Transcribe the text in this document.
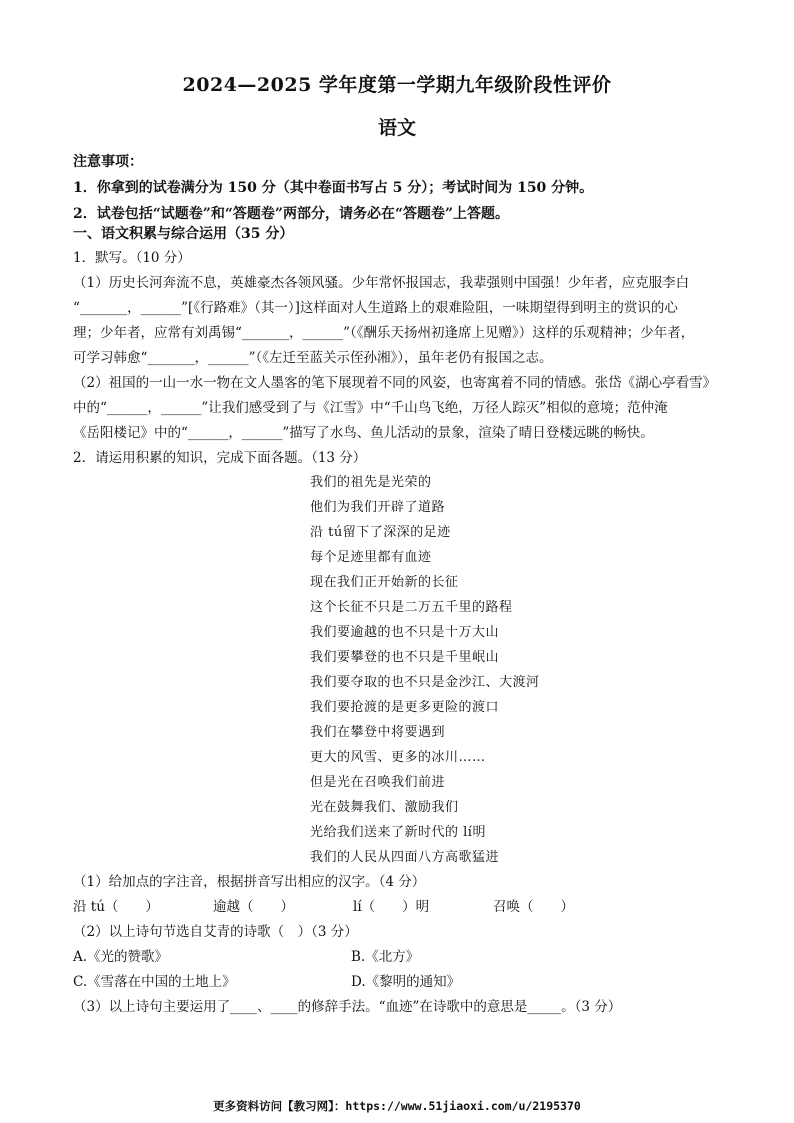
2024—2025 学年度第一学期九年级阶段性评价
语文
注意事项：
1．你拿到的试卷满分为 150 分（其中卷面书写占 5 分）；考试时间为 150 分钟。
2．试卷包括“试题卷”和“答题卷”两部分，请务必在“答题卷”上答题。
一、语文积累与综合运用（35 分）
1．默写。（10 分）
（1）历史长河奔流不息，英雄豪杰各领风骚。少年常怀报国志，我辈强则中国强！少年者，应克服李白
“_______，______”[《行路难》（其一）]这样面对人生道路上的艰难险阻，一味期望得到明主的赏识的心
理；少年者，应常有刘禹锡“_______，______”（《酬乐天扬州初逢席上见赠》）这样的乐观精神；少年者，
可学习韩愈“_______，______”（《左迁至蓝关示侄孙湘》），虽年老仍有报国之志。
（2）祖国的一山一水一物在文人墨客的笔下展现着不同的风姿，也寄寓着不同的情感。张岱《湖心亭看雪》
中的“______，______”让我们感受到了与《江雪》中“千山鸟飞绝，万径人踪灭”相似的意境；范仲淹
《岳阳楼记》中的“______，______”描写了水鸟、鱼儿活动的景象，渲染了晴日登楼远眺的畅快。
2．请运用积累的知识，完成下面各题。（13 分）
我们的祖先是光荣的
他们为我们开辟了道路
沿 tú留下了深深的足迹
每个足迹里都有血迹
现在我们正开始新的长征
这个长征不只是二万五千里的路程
我们要逾越的也不只是十万大山
我们要攀登的也不只是千里岷山
我们要夺取的也不只是金沙江、大渡河
我们要抢渡的是更多更险的渡口
我们在攀登中将要遇到
更大的风雪、更多的冰川……
但是光在召唤我们前进
光在鼓舞我们、激励我们
光给我们送来了新时代的 lí明
我们的人民从四面八方高歌猛进
（1）给加点的字注音，根据拼音写出相应的汉字。（4 分）
沿 tú（　　）	逾越（　　）	lí（　　）明	召唤（　　）
（2）以上诗句节选自艾青的诗歌（　）（3 分）
A.《光的赞歌》	B.《北方》
C.《雪落在中国的土地上》	D.《黎明的通知》
（3）以上诗句主要运用了____、____的修辞手法。“血迹”在诗歌中的意思是_____。（3 分）
更多资料访问【教习网】：https://www.51jiaoxi.com/u/2195370
